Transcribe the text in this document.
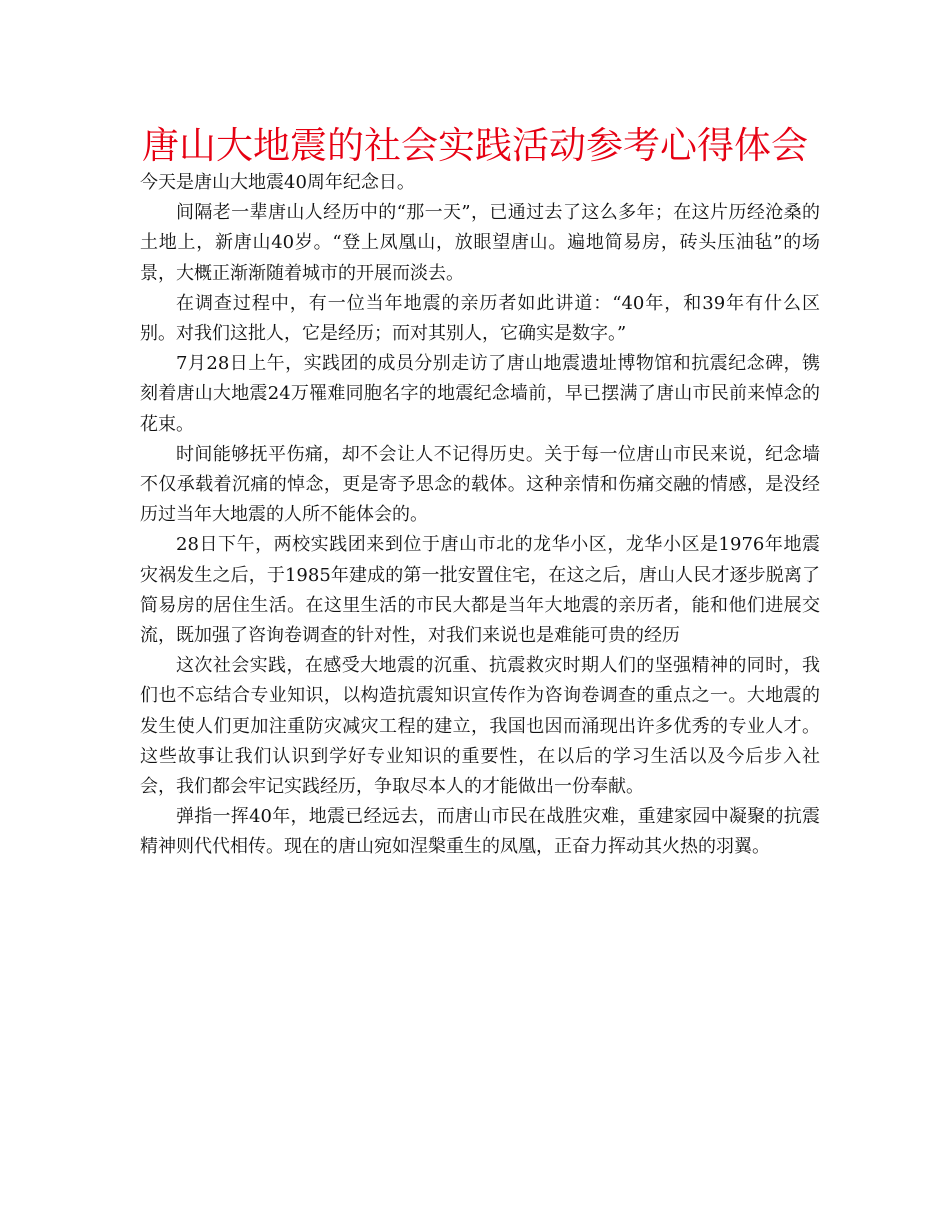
唐山大地震的社会实践活动参考心得体会

今天是唐山大地震40周年纪念日。

间隔老一辈唐山人经历中的“那一天”，已通过去了这么多年；在这片历经沧桑的土地上，新唐山40岁。“登上凤凰山，放眼望唐山。遍地简易房，砖头压油毡”的场景，大概正渐渐随着城市的开展而淡去。

在调查过程中，有一位当年地震的亲历者如此讲道：“40年，和39年有什么区别。对我们这批人，它是经历；而对其别人，它确实是数字。”

7月28日上午，实践团的成员分别走访了唐山地震遗址博物馆和抗震纪念碑，镌刻着唐山大地震24万罹难同胞名字的地震纪念墙前，早已摆满了唐山市民前来悼念的花束。

时间能够抚平伤痛，却不会让人不记得历史。关于每一位唐山市民来说，纪念墙不仅承载着沉痛的悼念，更是寄予思念的载体。这种亲情和伤痛交融的情感，是没经历过当年大地震的人所不能体会的。

28日下午，两校实践团来到位于唐山市北的龙华小区，龙华小区是1976年地震灾祸发生之后，于1985年建成的第一批安置住宅，在这之后，唐山人民才逐步脱离了简易房的居住生活。在这里生活的市民大都是当年大地震的亲历者，能和他们进展交流，既加强了咨询卷调查的针对性，对我们来说也是难能可贵的经历

这次社会实践，在感受大地震的沉重、抗震救灾时期人们的坚强精神的同时，我们也不忘结合专业知识，以构造抗震知识宣传作为咨询卷调查的重点之一。大地震的发生使人们更加注重防灾减灾工程的建立，我国也因而涌现出许多优秀的专业人才。这些故事让我们认识到学好专业知识的重要性，在以后的学习生活以及今后步入社会，我们都会牢记实践经历，争取尽本人的才能做出一份奉献。

弹指一挥40年，地震已经远去，而唐山市民在战胜灾难，重建家园中凝聚的抗震精神则代代相传。现在的唐山宛如涅槃重生的凤凰，正奋力挥动其火热的羽翼。
